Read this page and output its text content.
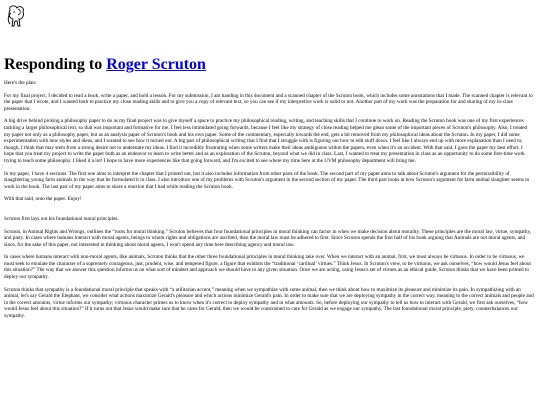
Responding to Roger Scruton

Here's the plan:

For my final project, I decided to read a book, write a paper, and hold a lesson. For my submission, I am handing in this document and a scanned chapter of the Scruton book, which includes some annotations that I made. The scanned chapter is relevant to the paper that I wrote, and I wanted both to practice my close reading skills and to give you a copy of relevant text, so you can see if my interpretive work is solid or not. Another part of my work was the preparation for and sharing of my in-class presentation.

A big drive behind picking a philosophy paper to do as my final project was to give myself a space to practice my philosophical reading, writing, and teaching skills that I continue to work on. Reading the Scruton book was one of my first experiences tackling a larger philosophical text, so that was important and formative for me. I feel less intimidated going forwards, because I feel like my strategy of close reading helped me glean some of the important pieces of Scruton's philosophy. Also, I treated my paper not only as a philosophy paper, but as an analysis paper of Scruton's book and his own paper. Some of the commentary, especially towards the end, gets a bit removed from my philosophical ideas about the Scruton. In my paper, I did some experimentation with new styles and ideas, and I wanted to see how it turned out. A big part of philosophical writing that I find that I struggle with is figuring out how to edit stuff down. I feel like I always end up with more explanation than I need to; though, I think that may stem from a strong desire not to understate my ideas. I find it incredibly frustrating when some writers make their ideas ambiguous within the papers, even when it's an accident. With that said, I gave the paper my best effort. I hope that you treat my project to write the paper both as an endeavor to learn to write better and as an exploration of the Scruton, beyond what we did in class. Last, I wanted to treat my presentation in class as an opportunity to do some first-time work trying to teach some philosophy. I liked it a lot! I hope to have more experiences like that going forward, and I'm excited to see where my time here at the UVM philosophy department will bring me.

In my paper, I have 4 sections. The first one aims to interpret the chapter that I printed out, but it also includes information from other parts of the book. The second part of my paper aims to talk about Scruton's argument for the permissibility of slaughtering young farm animals in the way that he formulated it in class. I also introduce one of my problems with Scruton's argument in the second section of my paper. The third part looks at how Scruton's argument for farm animal slaughter seems to work in the book. The last part of my paper aims to share a reaction that I had while reading the Scruton book.

With that said, onto the paper. Enjoy!

Scruton first lays out his foundational moral principles.

Scruton, in Animal Rights and Wrongs, outlines the “roots for moral thinking.” Scruton believes that four foundational principles in moral thinking can factor in when we make decision about morality. These principles are the moral law, virtue, sympathy, and piety. In cases where humans interact with moral agents, beings to whom rights and obligations are ascribed, then the moral law must be adhered to first. Since Scruton spends the first half of his book arguing that Animals are not moral agents, and since, for the sake of this paper, not interested in thinking about moral agents, I won't spend any time here describing agency and moral law.

In cases where humans interact with non-moral agents, like animals, Scruton thinks that the other three foundational principles in moral thinking take over. When we interact with an animal, first, we must always be virtuous. In order to be virtuous, we must seek to emulate the character of a supremely courageous, just, prudent, wise, and tempered figure, a figure that exhibits the “traditional ‘cardinal’ virtues.” Think Jesus. In Scruton's view, to be virtuous, we ask ourselves, “how would Jesus feel about this situation?” The way that we answer this question informs us on what sort of mindset and approach we should have to any given situation. Once we are acting, using Jesus's set of virtues as an ethical guide, Scruton thinks that we have been primed to deploy our sympathy.

Scruton thinks that sympathy is a foundational moral principle that speaks with “a utilitarian accent,” meaning when we sympathize with some animal, then we think about how to maximize its pleasure and minimize its pain. In sympathizing with an animal, let's say Gerald the Elephant, we consider what actions maximize Gerald's pleasure and which actions minimize Gerald's pain. In order to make sure that we are deploying sympathy in the correct way, meaning to the correct animals and people and in the correct amounts, virtue informs our sympathy; virtuous character primes us to know when it's correct to deploy sympathy and in what amounts. So, before deploying our sympathy to tell us how to interact with Gerald, we first ask ourselves, “how would Jesus feel about this situation?” If it turns out that Jesus would make sure that he cares for Gerald, then we would be constrained to care for Gerald as we engage our sympathy. The last foundational moral principle, piety, counterbalances our sympathy.
